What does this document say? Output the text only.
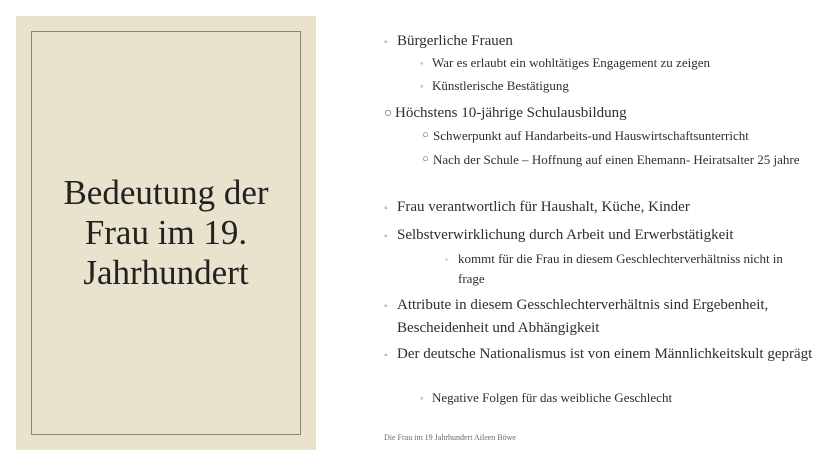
Bedeutung der Frau im 19. Jahrhundert
◦ Bürgerliche Frauen
◦ War es erlaubt ein wohltätiges Engagement zu zeigen
◦ Künstlerische Bestätigung
○ Höchstens 10-jährige Schulausbildung
○ Schwerpunkt auf Handarbeits-und Hauswirtschaftsunterricht
○ Nach der Schule – Hoffnung auf einen Ehemann- Heiratsalter 25 jahre
◦ Frau verantwortlich für Haushalt, Küche, Kinder
◦ Selbstverwirklichung durch Arbeit und Erwerbstätigkeit
◦ kommt für die Frau in diesem Geschlechterverhältniss nicht in frage
◦ Attribute in diesem Gesschlechterverhältnis sind Ergebenheit, Bescheidenheit und Abhängigkeit
◦ Der deutsche Nationalismus ist von einem Männlichkeitskult geprägt
◦ Negative Folgen für das weibliche Geschlecht
Die Frau im 19 Jahrhundert Aileen Böwe
